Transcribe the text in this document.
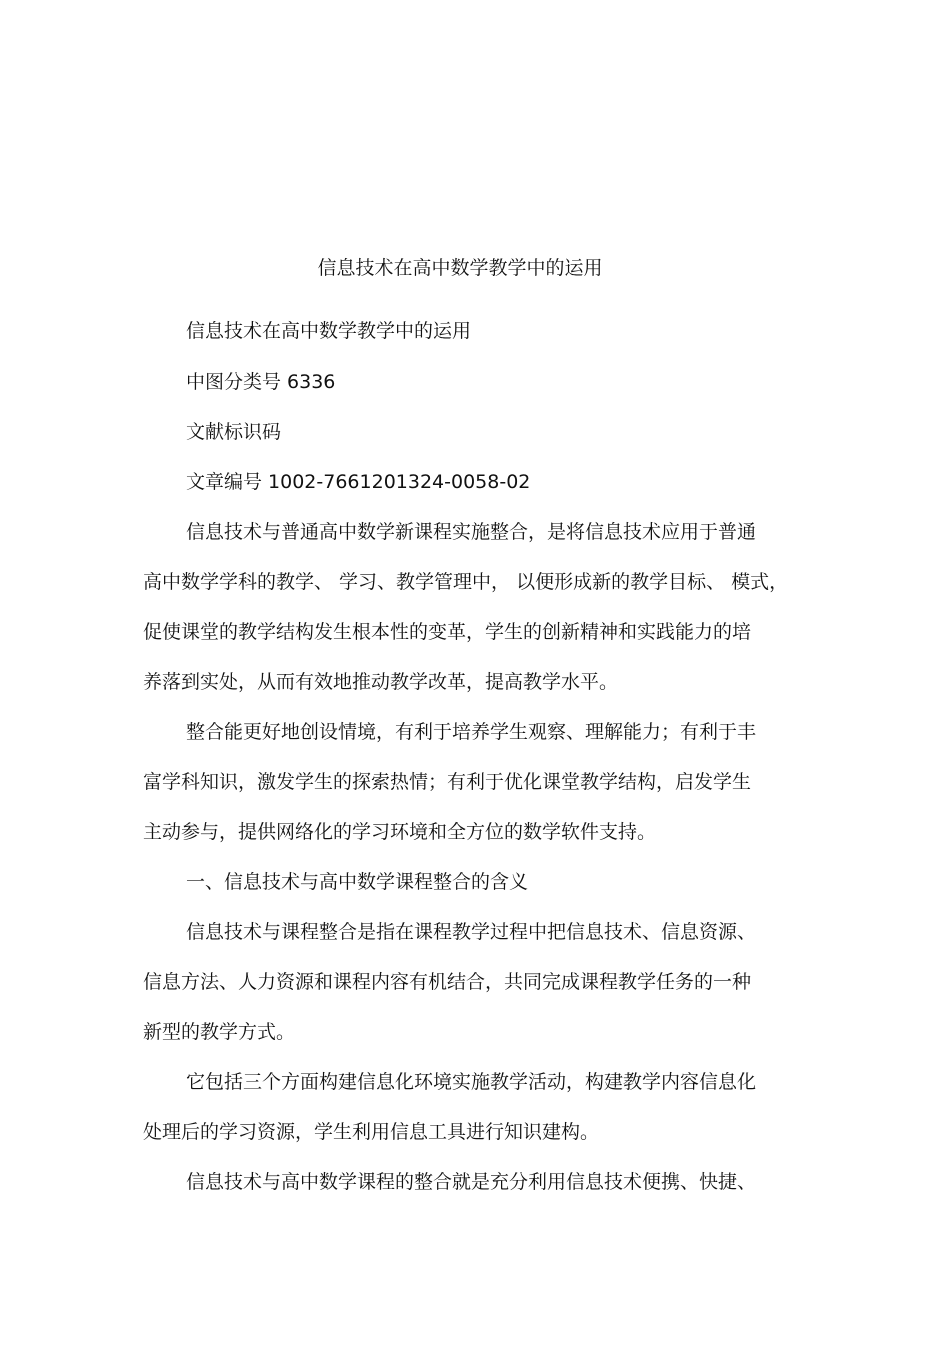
信息技术在高中数学教学中的运用
信息技术在高中数学教学中的运用
中图分类号 6336
文献标识码
文章编号 1002-7661201324-0058-02
信息技术与普通高中数学新课程实施整合，是将信息技术应用于普通
高中数学学科的教学、 学习、教学管理中， 以便形成新的教学目标、 模式，
促使课堂的教学结构发生根本性的变革，学生的创新精神和实践能力的培
养落到实处，从而有效地推动教学改革，提高教学水平。
整合能更好地创设情境，有利于培养学生观察、理解能力；有利于丰
富学科知识，激发学生的探索热情；有利于优化课堂教学结构，启发学生
主动参与，提供网络化的学习环境和全方位的数学软件支持。
一、信息技术与高中数学课程整合的含义
信息技术与课程整合是指在课程教学过程中把信息技术、信息资源、
信息方法、人力资源和课程内容有机结合，共同完成课程教学任务的一种
新型的教学方式。
它包括三个方面构建信息化环境实施教学活动，构建教学内容信息化
处理后的学习资源，学生利用信息工具进行知识建构。
信息技术与高中数学课程的整合就是充分利用信息技术便携、快捷、
